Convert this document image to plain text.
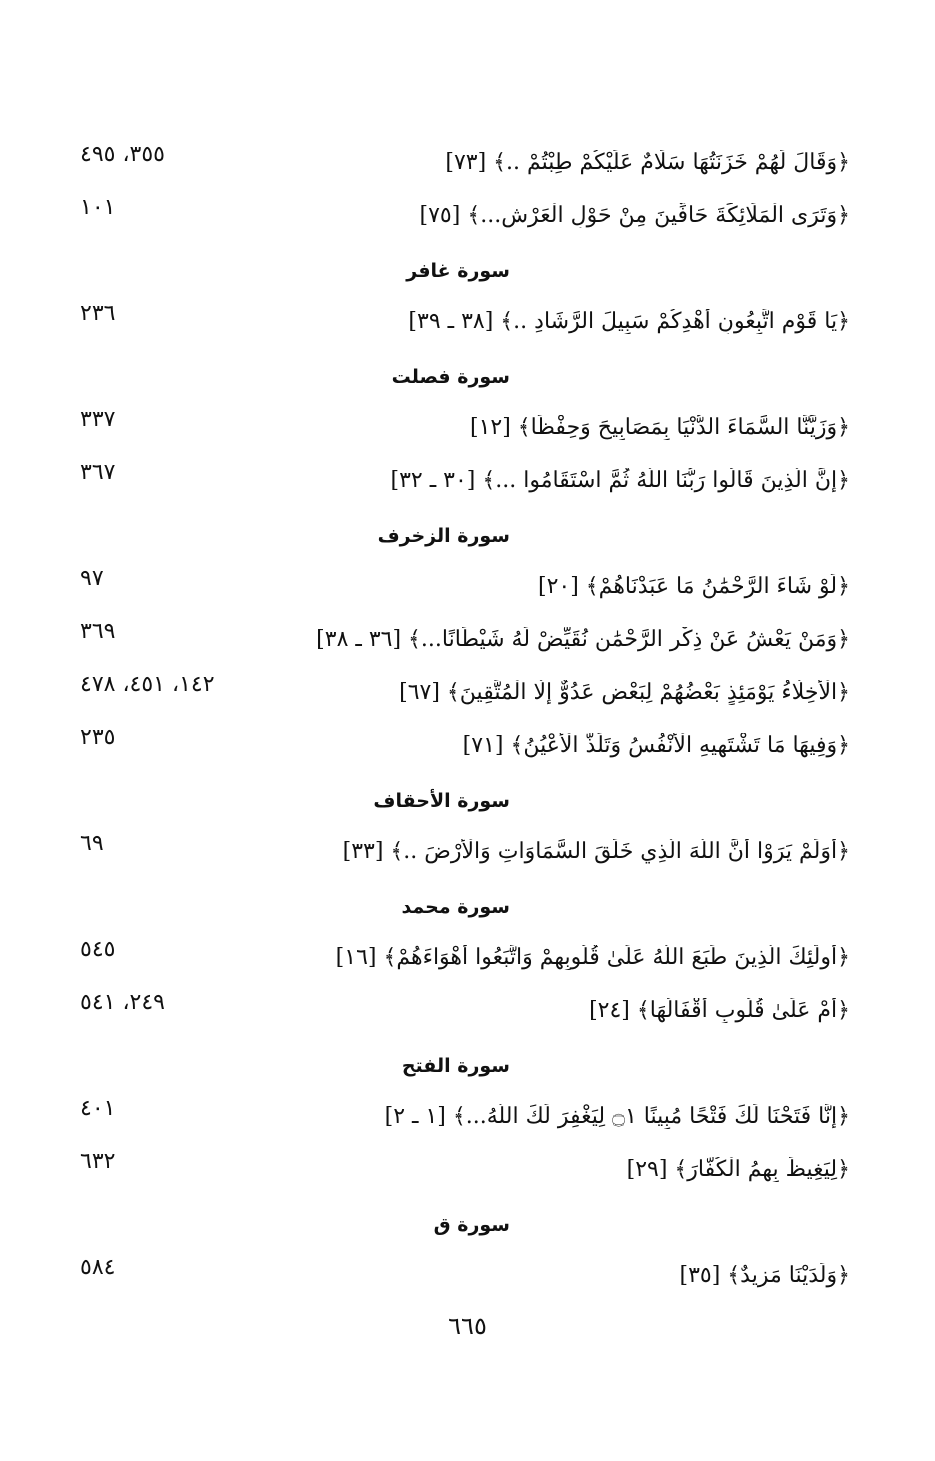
﴿وَقَالَ لَهُمْ خَزَنَتُهَا سَلَامٌ عَلَيْكُمْ طِبْتُمْ ..﴾ [٧٣]
٣٥٥، ٤٩٥
﴿وَتَرَى الْمَلَائِكَةَ حَافِّينَ مِنْ حَوْلِ الْعَرْشِ...﴾ [٧٥]
١٠١
سورة غافر
﴿يَا قَوْمِ اتَّبِعُونِ أَهْدِكُمْ سَبِيلَ الرَّشَادِ ..﴾ [٣٨ ـ ٣٩]
٢٣٦
سورة فصلت
﴿وَزَيَّنَّا السَّمَاءَ الدُّنْيَا بِمَصَابِيحَ وَحِفْظًا﴾ [١٢]
٣٣٧
﴿إِنَّ الَّذِينَ قَالُوا رَبُّنَا اللَّهُ ثُمَّ اسْتَقَامُوا ...﴾ [٣٠ ـ ٣٢]
٣٦٧
سورة الزخرف
﴿لَوْ شَاءَ الرَّحْمَٰنُ مَا عَبَدْنَاهُمْ﴾ [٢٠]
٩٧
﴿وَمَنْ يَعْشُ عَنْ ذِكْرِ الرَّحْمَٰنِ نُقَيِّضْ لَهُ شَيْطَانًا...﴾ [٣٦ ـ ٣٨]
٣٦٩
﴿الْأَخِلَّاءُ يَوْمَئِذٍ بَعْضُهُمْ لِبَعْضٍ عَدُوٌّ إِلَّا الْمُتَّقِينَ﴾ [٦٧]
١٤٢، ٤٥١، ٤٧٨
﴿وَفِيهَا مَا تَشْتَهِيهِ الْأَنْفُسُ وَتَلَذُّ الْأَعْيُنُ﴾ [٧١]
٢٣٥
سورة الأحقاف
﴿أَوَلَمْ يَرَوْا أَنَّ اللَّهَ الَّذِي خَلَقَ السَّمَاوَاتِ وَالْأَرْضَ ..﴾ [٣٣]
٦٩
سورة محمد
﴿أُولَٰئِكَ الَّذِينَ طَبَعَ اللَّهُ عَلَىٰ قُلُوبِهِمْ وَاتَّبَعُوا أَهْوَاءَهُمْ﴾ [١٦]
٥٤٥
﴿أَمْ عَلَىٰ قُلُوبٍ أَقْفَالُهَا﴾ [٢٤]
٢٤٩، ٥٤١
سورة الفتح
﴿إِنَّا فَتَحْنَا لَكَ فَتْحًا مُبِينًا ۝١ لِيَغْفِرَ لَكَ اللَّهُ...﴾ [١ ـ ٢]
٤٠١
﴿لِيَغِيظَ بِهِمُ الْكُفَّارَ﴾ [٢٩]
٦٣٢
سورة ق
﴿وَلَدَيْنَا مَزِيدٌ﴾ [٣٥]
٥٨٤
٦٦٥
